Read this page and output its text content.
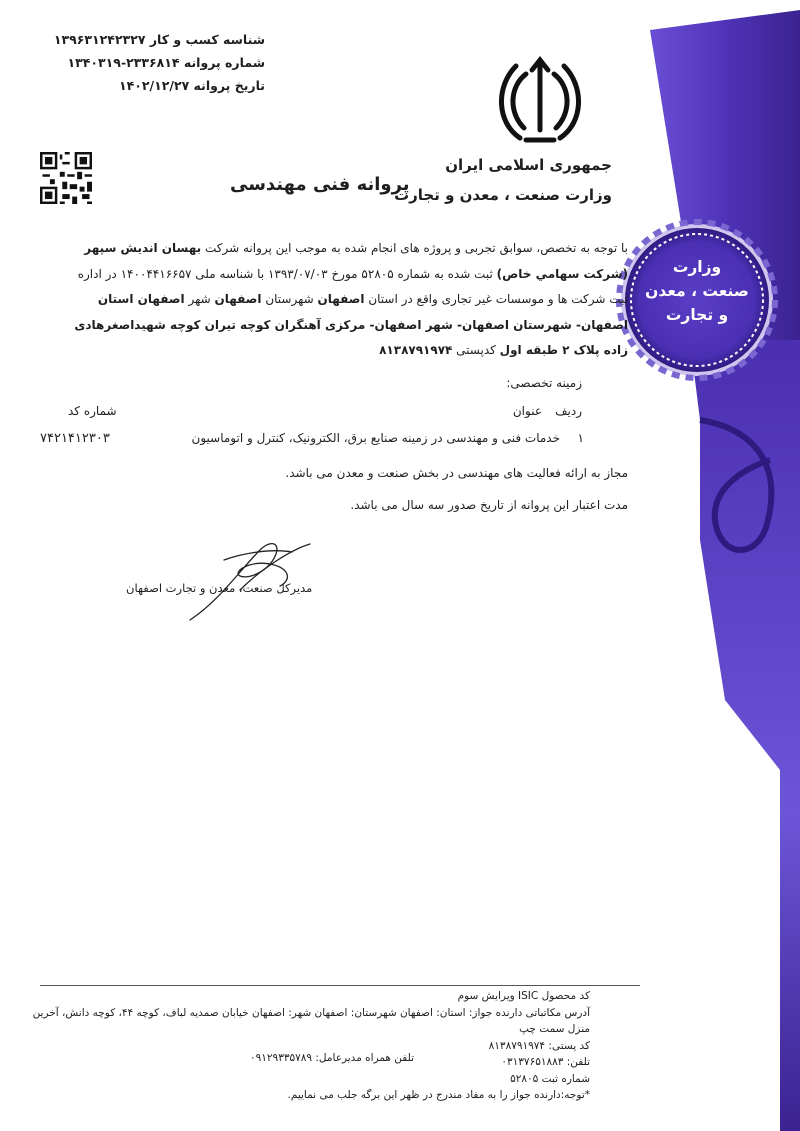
وزارت
صنعت ، معدن
و تجارت
شناسه کسب و کار ۱۳۹۶۳۱۲۴۲۳۲۷
شماره پروانه ۲۳۳۶۸۱۴-۱۳۴۰۳۱۹
تاریخ پروانه ۱۴۰۲/۱۲/۲۷
جمهوری اسلامی ایران
وزارت صنعت ، معدن و تجارت
پروانه فنی مهندسی
با توجه به تخصص، سوابق تجربی و پروژه های انجام شده به موجب این پروانه شرکت بهسان اندیش سپهر (شرکت سهامي خاص) ثبت شده به شماره ۵۲۸۰۵ مورخ ۱۳۹۳/۰۷/۰۳ با شناسه ملی ۱۴۰۰۴۴۱۶۶۵۷ در اداره ثبت شرکت ها و موسسات غیر تجاری واقع در استان اصفهان شهرستان اصفهان شهر اصفهان استان اصفهان- شهرستان اصفهان- شهر اصفهان- مرکزی آهنگران کوچه تیران کوچه شهیداصغرهادی زاده پلاک ۲ طبقه اول کدپستی ۸۱۳۸۷۹۱۹۷۴
زمینه تخصصی:
ردیف
عنوان
شماره کد
۱
خدمات فنی و مهندسی در زمینه صنایع برق، الکترونیک، کنترل و اتوماسیون
۷۴۲۱۴۱۲۳۰۳
مجاز به ارائه فعالیت های مهندسی در بخش صنعت و معدن می باشد.
مدت اعتبار این پروانه از تاریخ صدور سه سال می باشد.
مدیرکل صنعت، معدن و تجارت اصفهان
کد محصول ISIC ویرایش سوم
آدرس مکاتباتی دارنده جواز: استان: اصفهان شهرستان: اصفهان شهر: اصفهان خیابان صمدیه لباف، کوچه ۴۴، کوچه دانش، آخرین منزل سمت چپ
کد پستی: ۸۱۳۸۷۹۱۹۷۴
تلفن: ۰۳۱۳۷۶۵۱۸۸۳
شماره ثبت ۵۲۸۰۵
*توجه:دارنده جواز را به مفاد مندرج در ظهر این برگه جلب می نمایيم.
تلفن همراه مدیرعامل: ۰۹۱۲۹۳۳۵۷۸۹
